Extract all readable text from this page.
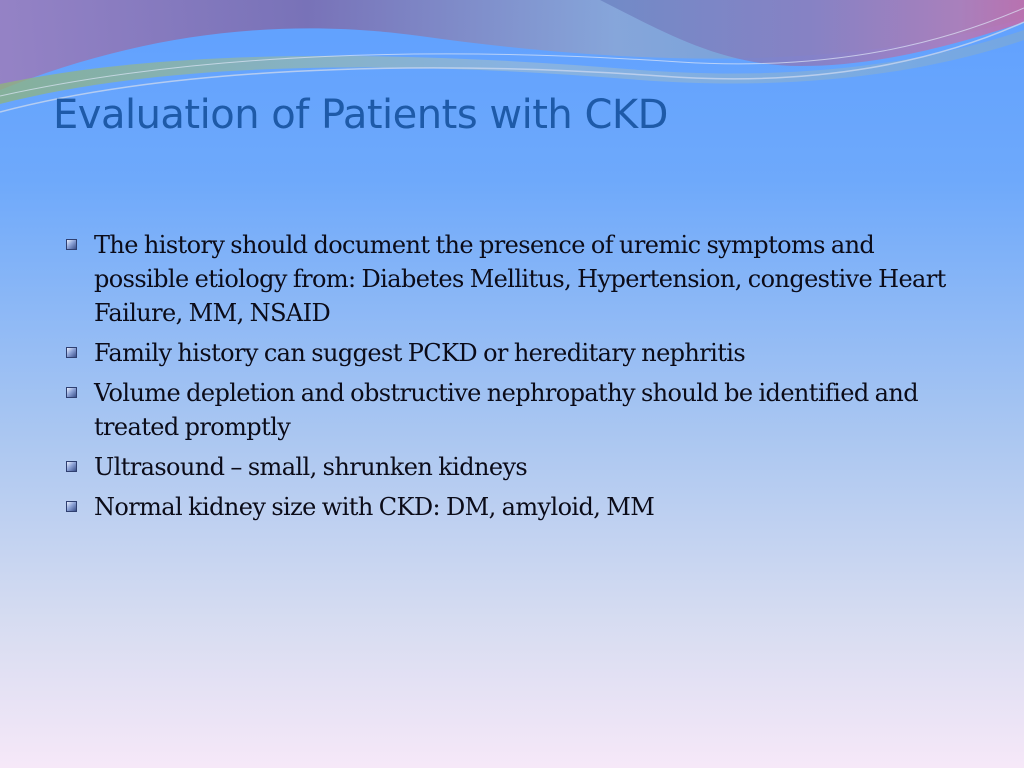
Evaluation of Patients with CKD
The history should document the presence of uremic symptoms and possible etiology from: Diabetes Mellitus, Hypertension, congestive Heart Failure, MM, NSAID
Family history can suggest PCKD or hereditary nephritis
Volume depletion and obstructive nephropathy should be identified and treated promptly
Ultrasound – small, shrunken kidneys
Normal kidney size with CKD: DM, amyloid, MM
